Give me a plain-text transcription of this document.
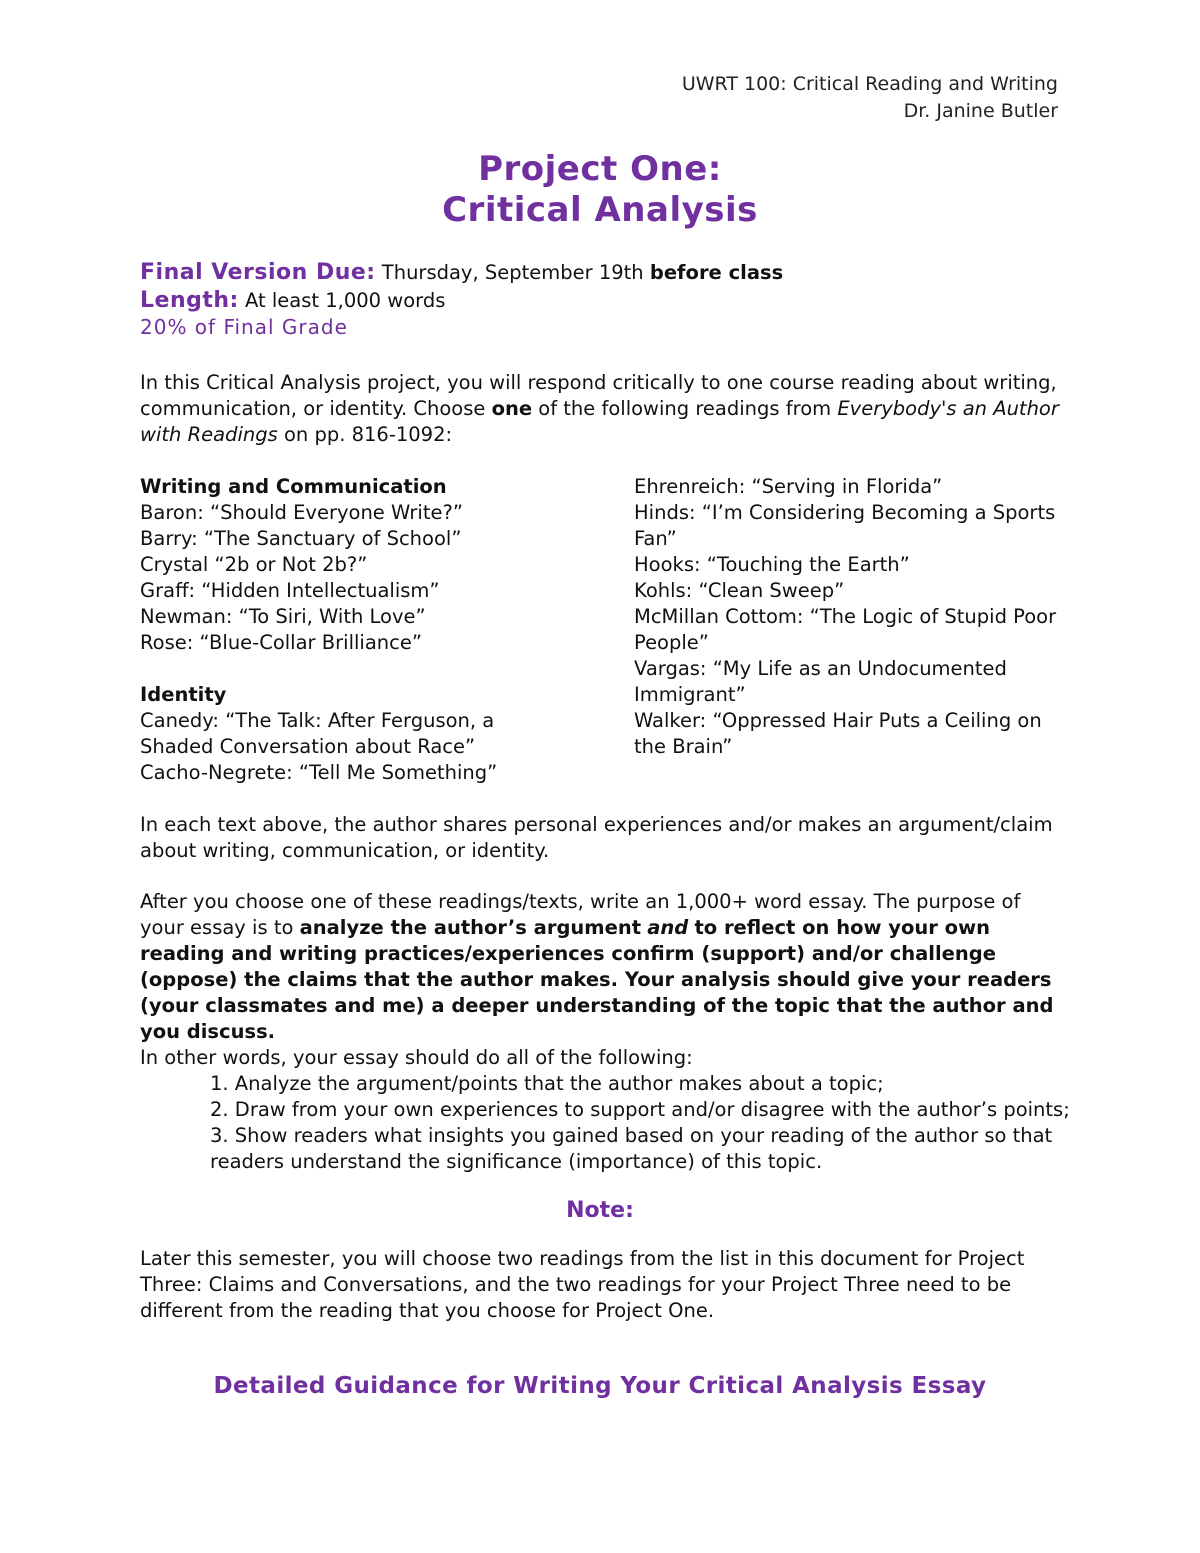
UWRT 100: Critical Reading and Writing
Dr. Janine Butler
Project One:
Critical Analysis
Final Version Due: Thursday, September 19th before class
Length: At least 1,000 words
20% of Final Grade
In this Critical Analysis project, you will respond critically to one course reading about writing, communication, or identity. Choose one of the following readings from Everybody's an Author with Readings on pp. 816-1092:
Writing and Communication
Baron: “Should Everyone Write?”
Barry: “The Sanctuary of School”
Crystal “2b or Not 2b?”
Graff: “Hidden Intellectualism”
Newman: “To Siri, With Love”
Rose: “Blue-Collar Brilliance”
Identity
Canedy: “The Talk: After Ferguson, a
Shaded Conversation about Race”
Cacho-Negrete: “Tell Me Something”
Ehrenreich: “Serving in Florida”
Hinds: “I’m Considering Becoming a Sports
Fan”
Hooks: “Touching the Earth”
Kohls: “Clean Sweep”
McMillan Cottom: “The Logic of Stupid Poor
People”
Vargas: “My Life as an Undocumented
Immigrant”
Walker: “Oppressed Hair Puts a Ceiling on
the Brain”
In each text above, the author shares personal experiences and/or makes an argument/claim about writing, communication, or identity.
After you choose one of these readings/texts, write an 1,000+ word essay. The purpose of your essay is to analyze the author’s argument and to reflect on how your own reading and writing practices/experiences confirm (support) and/or challenge (oppose) the claims that the author makes. Your analysis should give your readers (your classmates and me) a deeper understanding of the topic that the author and you discuss.
In other words, your essay should do all of the following:
1. Analyze the argument/points that the author makes about a topic;
2. Draw from your own experiences to support and/or disagree with the author’s points;
3. Show readers what insights you gained based on your reading of the author so that readers understand the significance (importance) of this topic.
Note:
Later this semester, you will choose two readings from the list in this document for Project Three: Claims and Conversations, and the two readings for your Project Three need to be different from the reading that you choose for Project One.
Detailed Guidance for Writing Your Critical Analysis Essay
